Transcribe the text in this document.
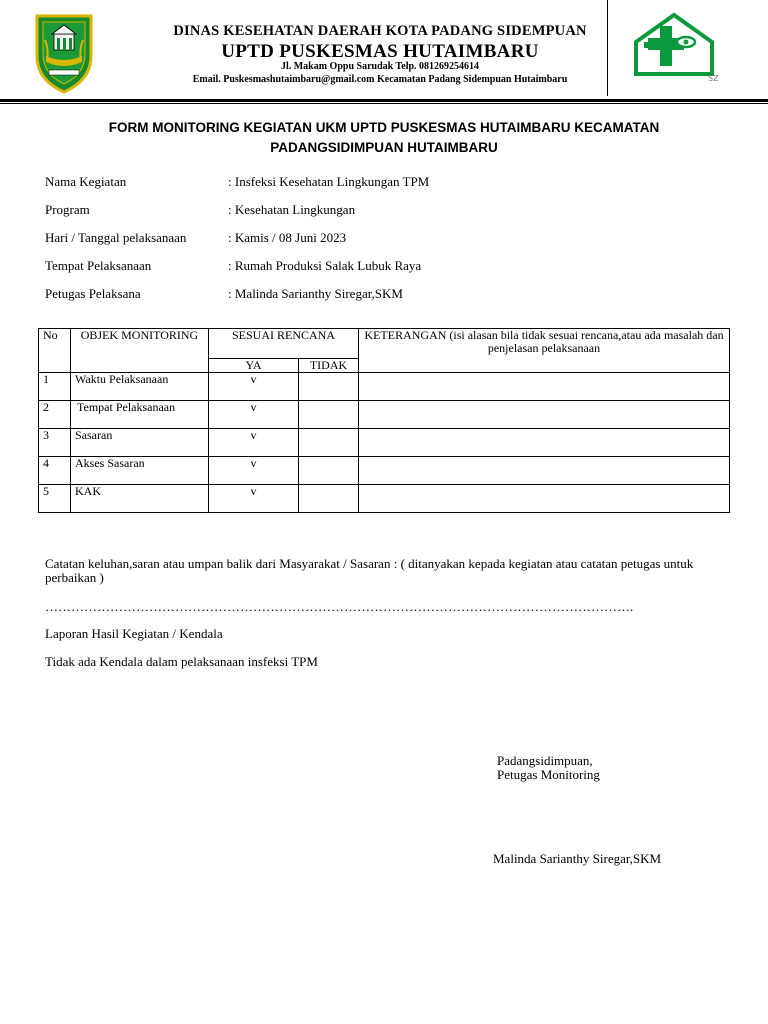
SZ
DINAS KESEHATAN DAERAH KOTA PADANG SIDEMPUAN
UPTD PUSKESMAS HUTAIMBARU
Jl. Makam Oppu Sarudak Telp. 081269254614
Email. Puskesmashutaimbaru@gmail.com Kecamatan Padang Sidempuan Hutaimbaru
FORM MONITORING KEGIATAN UKM UPTD PUSKESMAS HUTAIMBARU KECAMATAN
PADANGSIDIMPUAN HUTAIMBARU
Nama Kegiatan	: Insfeksi Kesehatan Lingkungan TPM
Program	: Kesehatan Lingkungan
Hari / Tanggal pelaksanaan	: Kamis / 08 Juni 2023
Tempat Pelaksanaan	: Rumah Produksi Salak Lubuk Raya
Petugas Pelaksana	: Malinda Sarianthy Siregar,SKM
No	OBJEK MONITORING	SESUAI RENCANA		KETERANGAN (isi alasan bila tidak sesuai rencana,atau ada masalah dan penjelasan pelaksanaan
		YA	TIDAK	
1	Waktu Pelaksanaan	v		
2	Tempat Pelaksanaan	v		
3	Sasaran	v		
4	Akses Sasaran	v		
5	KAK	v		
Catatan keluhan,saran atau umpan balik dari Masyarakat / Sasaran : ( ditanyakan kepada kegiatan atau catatan petugas untuk perbaikan )
……………………………………………………………………………………………………………………….
Laporan Hasil Kegiatan / Kendala
Tidak ada Kendala dalam pelaksanaan insfeksi TPM
Padangsidimpuan,
Petugas Monitoring
Malinda Sarianthy Siregar,SKM
